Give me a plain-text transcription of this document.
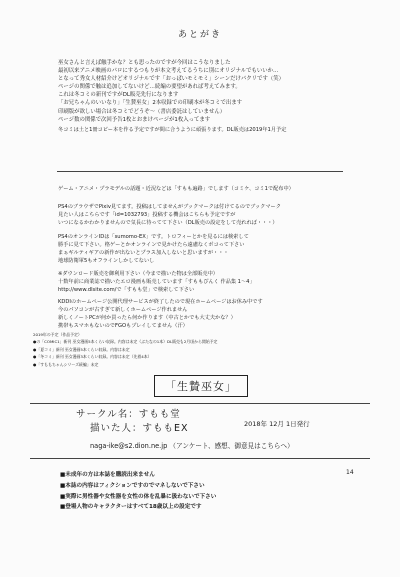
あとがき
巫女さんと言えば触手かな？とも思ったのですが今回はこうなりました
最初以来アニメ映画のパロにするつもりが本文考えてるうちに別にオリジナルでもいいか…
となって秀女人材紹介けどオリジナルです「おっぱいモミモミ」シーンだけパクリです（笑）
ページの関係で触は追加してないけど…続編の要望があれば考えてみます。
これは冬コミの新刊ですがDL販売先行になります
「お兄ちゃんのいいなり」「生贄巫女」2本収録での印刷本が冬コミで出ます
印刷版が欲しい場合は冬コミでどうぞ〜（書店委託はしていません）
ページ数の関係で次回予告1枚とおまけページが1枚入ってます
冬コミは土と1冊コピー本を作る予定ですが間に合うように頑張ります。DL販売は2019年1月予定
ゲーム・アニメ・プラモデルの話題・近況などは「すもも遍路」でします（コミケ、コミ1で配布中）
PS4のブラウザでPixiv見てます。投稿はしてませんがブックマークは付けてるのでブックマーク
見たい人はこちらです「id=1032793」投稿する機会はこちらも予定ですが
いつになるかわかりませんので気長に待ってて下さい（DL販売の設定をして売れれば・・・）
PS4のオンラインIDは「sumomo-EX」です。トロフィーとかを見るには検索して
勝手に見て下さい。格ゲーとかオンラインで見かけたら遠慮なくボコって下さい
まぁギルティギアの新作が出ないとプラス加入しないと思いますが・・・
地球防衛軍5もオフラインしかしてないし
※ダウンロード販売を御利用下さい（今まで描いた物は全部販売中）
十数年前に商業誌で描いたエロ漫画も販売しています「すももぴんく 作品集 1〜4」
http://www.dlsite.com/で「すもも堂」で検索して下さい
KDDIのホームページ公開代理サービスが終了したので現在ホームページはお休み中です
今のパソコンが古すぎて新しくホームページ作れません
新しくノートPCが何か買ったら何か作ります（中古とかでも大丈夫かな？）
携帯もスマホもないのでFGOもプレイしてません（汗）
2019年の予定（作品予定）
●の「COMIC1」新刊 巫女漫画5本くらい収録。内容は未定（ぶたなの1本）DL販売も2月頃から開始予定
●「夏コミ」新刊 巫女漫画5本くらい収録。内容は未定
●「冬コミ」新刊 巫女漫画3本くらい収録。内容は未定（先着4本）
●「すももちゃんシリーズ続編」未定
「生贄巫女」
サークル名：すもも堂
描いた人：すももEX	2018年 12月 1日発行
naga-ike@s2.dion.ne.jp （アンケート、感想、御意見はこちらへ）
■未成年の方は本誌を購読出来ません
■本誌の内容はフィクションですのでマネしないで下さい
■実際に男性器や女性器を女性の体を乱暴に扱わないで下さい
■登場人物のキャラクターはすべて18歳以上の設定です
14
